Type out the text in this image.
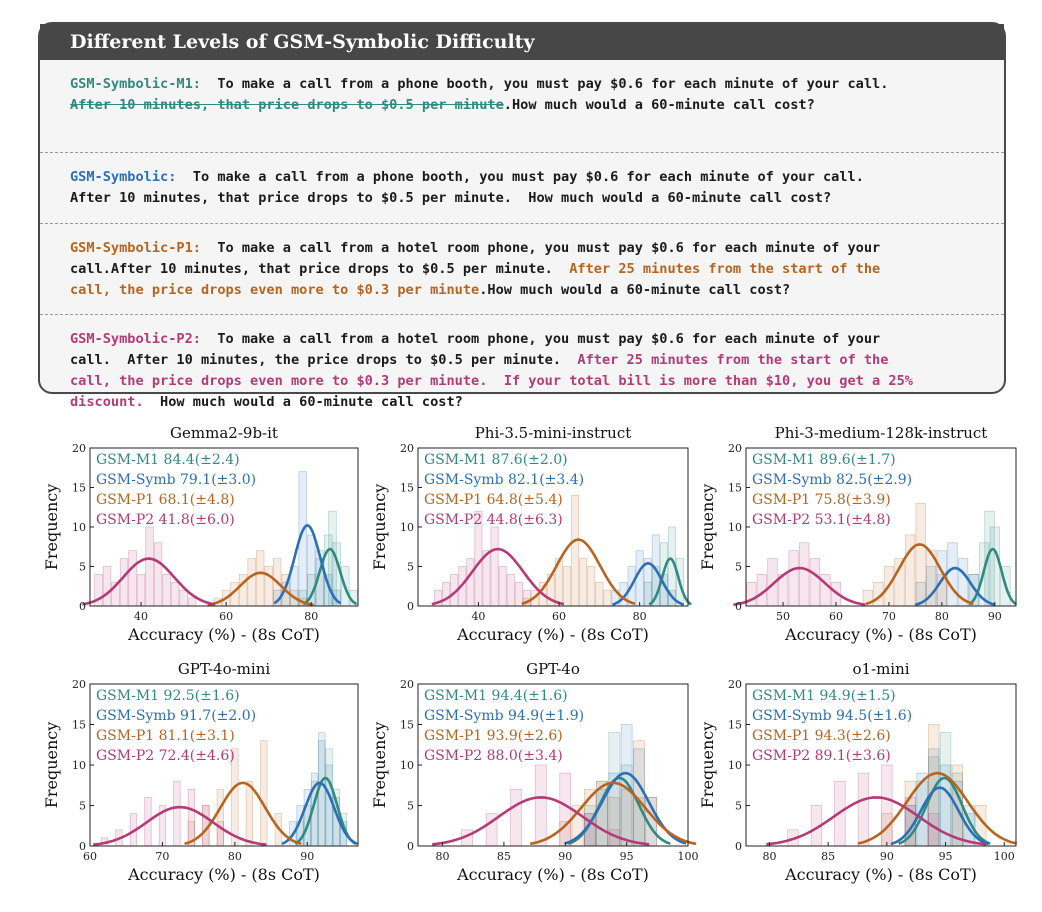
Different Levels of GSM-Symbolic Difficulty
GSM-Symbolic-M1:  To make a call from a phone booth, you must pay $0.6 for each minute of your call.
After 10 minutes, that price drops to $0.5 per minute.How much would a 60-minute call cost?
GSM-Symbolic:  To make a call from a phone booth, you must pay $0.6 for each minute of your call.
After 10 minutes, that price drops to $0.5 per minute.  How much would a 60-minute call cost?
GSM-Symbolic-P1:  To make a call from a hotel room phone, you must pay $0.6 for each minute of your
call.After 10 minutes, that price drops to $0.5 per minute.  After 25 minutes from the start of the
call, the price drops even more to $0.3 per minute.How much would a 60-minute call cost?
GSM-Symbolic-P2:  To make a call from a hotel room phone, you must pay $0.6 for each minute of your
call.  After 10 minutes, the price drops to $0.5 per minute.  After 25 minutes from the start of the
call, the price drops even more to $0.3 per minute.  If your total bill is more than $10, you get a 25%
discount.  How much would a 60-minute call cost?
Gemma2-9b-it
40	60	80
0
5
10
15
20
Accuracy (%) - (8s CoT)
Frequency
GSM-M1 84.4(±2.4)
GSM-Symb 79.1(±3.0)
GSM-P1 68.1(±4.8)
GSM-P2 41.8(±6.0)
Phi-3.5-mini-instruct
40	60	80
0
5
10
15
20
Accuracy (%) - (8s CoT)
Frequency
GSM-M1 87.6(±2.0)
GSM-Symb 82.1(±3.4)
GSM-P1 64.8(±5.4)
GSM-P2 44.8(±6.3)
Phi-3-medium-128k-instruct
50	60	70	80	90
0
5
10
15
20
Accuracy (%) - (8s CoT)
Frequency
GSM-M1 89.6(±1.7)
GSM-Symb 82.5(±2.9)
GSM-P1 75.8(±3.9)
GSM-P2 53.1(±4.8)
GPT-4o-mini
60	70	80	90
0
5
10
15
20
Accuracy (%) - (8s CoT)
Frequency
GSM-M1 92.5(±1.6)
GSM-Symb 91.7(±2.0)
GSM-P1 81.1(±3.1)
GSM-P2 72.4(±4.6)
GPT-4o
80	85	90	95	100
0
5
10
15
20
Accuracy (%) - (8s CoT)
Frequency
GSM-M1 94.4(±1.6)
GSM-Symb 94.9(±1.9)
GSM-P1 93.9(±2.6)
GSM-P2 88.0(±3.4)
o1-mini
80	85	90	95	100
0
5
10
15
20
Accuracy (%) - (8s CoT)
Frequency
GSM-M1 94.9(±1.5)
GSM-Symb 94.5(±1.6)
GSM-P1 94.3(±2.6)
GSM-P2 89.1(±3.6)
